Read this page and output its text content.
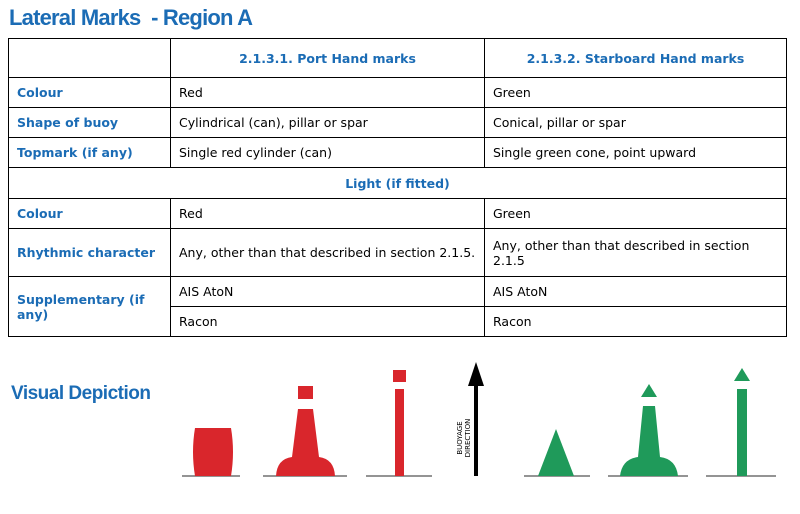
Lateral Marks  - Region A
	2.1.3.1. Port Hand marks	2.1.3.2. Starboard Hand marks
Colour	Red	Green
Shape of buoy	Cylindrical (can), pillar or spar	Conical, pillar or spar
Topmark (if any)	Single red cylinder (can)	Single green cone, point upward
Light (if fitted)		
Colour	Red	Green
Rhythmic character	Any, other than that described in section 2.1.5.	Any, other than that described in section 2.1.5
Supplementary (if any)	AIS AtoN	AIS AtoN
	Racon	Racon
Visual Depiction
BUOYAGE DIRECTION
